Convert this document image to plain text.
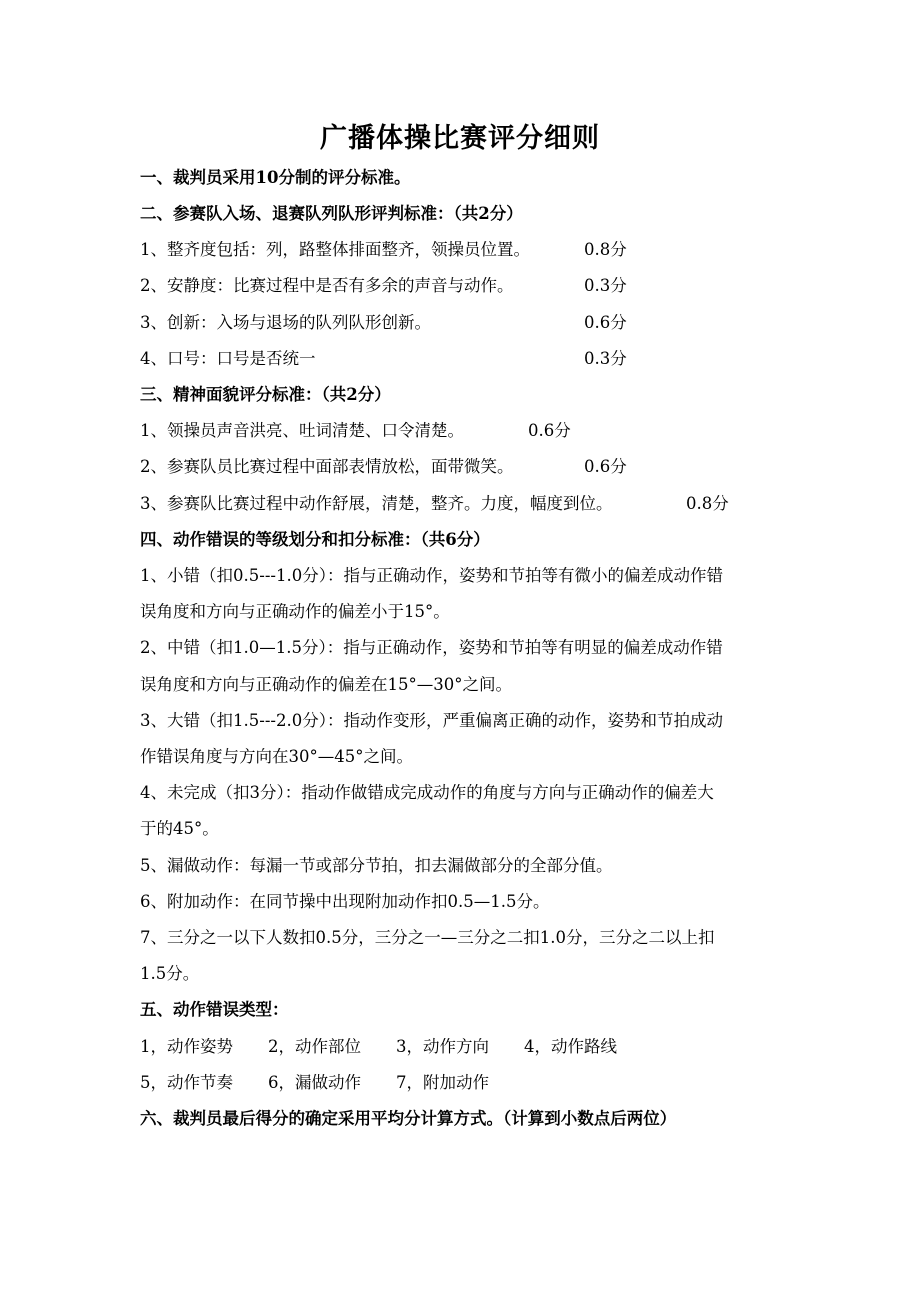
广播体操比赛评分细则
一、裁判员采用10分制的评分标准。
二、参赛队入场、退赛队列队形评判标准：（共2分）
1、整齐度包括：列，路整体排面整齐，领操员位置。	0.8分
2、安静度：比赛过程中是否有多余的声音与动作。	0.3分
3、创新：入场与退场的队列队形创新。	0.6分
4、口号：口号是否统一	0.3分
三、精神面貌评分标准：（共2分）
1、领操员声音洪亮、吐词清楚、口令清楚。	0.6分
2、参赛队员比赛过程中面部表情放松，面带微笑。	0.6分
3、参赛队比赛过程中动作舒展，清楚，整齐。力度，幅度到位。	0.8分
四、动作错误的等级划分和扣分标准：（共6分）
1、小错（扣0.5---1.0分）：指与正确动作，姿势和节拍等有微小的偏差成动作错
误角度和方向与正确动作的偏差小于15°。
2、中错（扣1.0—1.5分）：指与正确动作，姿势和节拍等有明显的偏差成动作错
误角度和方向与正确动作的偏差在15°—30°之间。
3、大错（扣1.5---2.0分）：指动作变形，严重偏离正确的动作，姿势和节拍成动
作错误角度与方向在30°—45°之间。
4、未完成（扣3分）：指动作做错成完成动作的角度与方向与正确动作的偏差大
于的45°。
5、漏做动作：每漏一节或部分节拍，扣去漏做部分的全部分值。
6、附加动作：在同节操中出现附加动作扣0.5—1.5分。
7、三分之一以下人数扣0.5分，三分之一—三分之二扣1.0分，三分之二以上扣
1.5分。
五、动作错误类型：
1，动作姿势 2，动作部位 3，动作方向 4，动作路线
5，动作节奏 6，漏做动作 7，附加动作
六、裁判员最后得分的确定采用平均分计算方式。（计算到小数点后两位）
